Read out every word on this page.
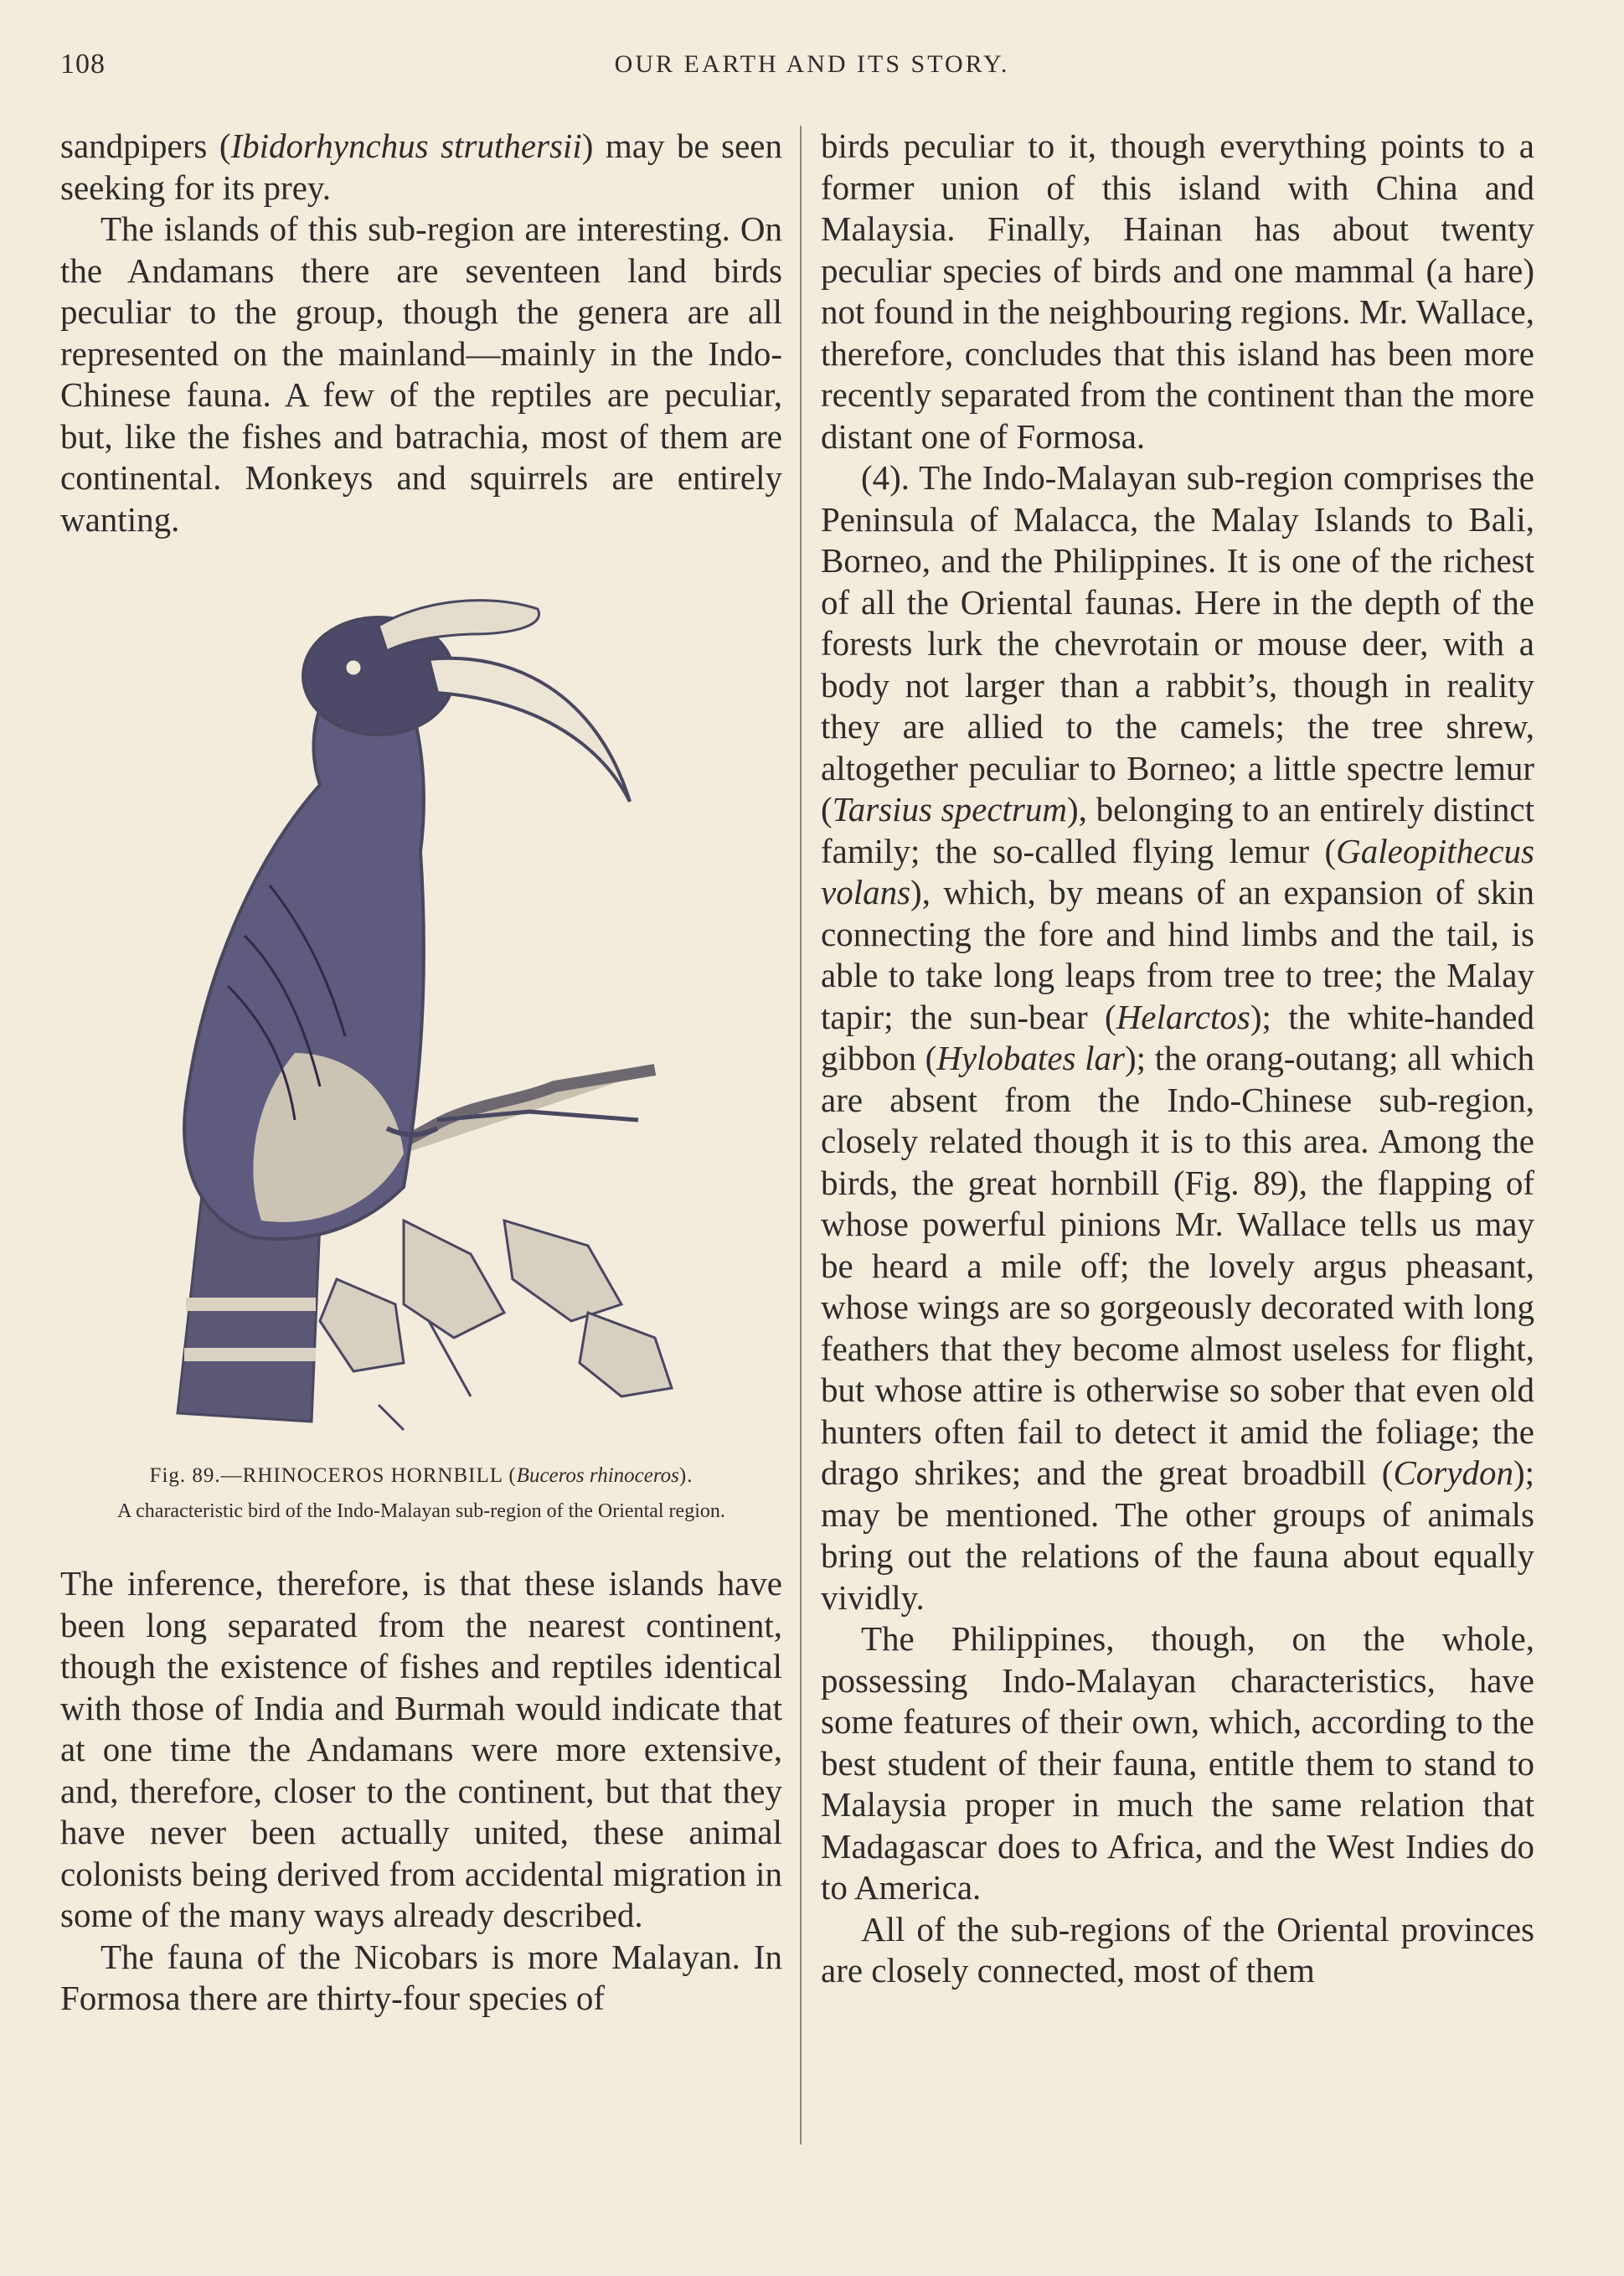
108	OUR EARTH AND ITS STORY.

sandpipers (Ibidorhynchus struthersii) may be seen seeking for its prey.

The islands of this sub-region are interesting. On the Andamans there are seventeen land birds peculiar to the group, though the genera are all represented on the mainland—mainly in the Indo-Chinese fauna. A few of the reptiles are peculiar, but, like the fishes and batrachia, most of them are continental. Monkeys and squirrels are entirely wanting.

Fig. 89.—RHINOCEROS HORNBILL (Buceros rhinoceros).
A characteristic bird of the Indo-Malayan sub-region of the Oriental region.

The inference, therefore, is that these islands have been long separated from the nearest continent, though the existence of fishes and reptiles identical with those of India and Burmah would indicate that at one time the Andamans were more extensive, and, therefore, closer to the continent, but that they have never been actually united, these animal colonists being derived from accidental migration in some of the many ways already described.

The fauna of the Nicobars is more Malayan. In Formosa there are thirty-four species of

birds peculiar to it, though everything points to a former union of this island with China and Malaysia. Finally, Hainan has about twenty peculiar species of birds and one mammal (a hare) not found in the neighbouring regions. Mr. Wallace, therefore, concludes that this island has been more recently separated from the continent than the more distant one of Formosa.

(4). The Indo-Malayan sub-region comprises the Peninsula of Malacca, the Malay Islands to Bali, Borneo, and the Philippines. It is one of the richest of all the Oriental faunas. Here in the depth of the forests lurk the chevrotain or mouse deer, with a body not larger than a rabbit’s, though in reality they are allied to the camels; the tree shrew, altogether peculiar to Borneo; a little spectre lemur (Tarsius spectrum), belonging to an entirely distinct family; the so-called flying lemur (Galeopithecus volans), which, by means of an expansion of skin connecting the fore and hind limbs and the tail, is able to take long leaps from tree to tree; the Malay tapir; the sun-bear (Helarctos); the white-handed gibbon (Hylobates lar); the orang-outang; all which are absent from the Indo-Chinese sub-region, closely related though it is to this area. Among the birds, the great hornbill (Fig. 89), the flapping of whose powerful pinions Mr. Wallace tells us may be heard a mile off; the lovely argus pheasant, whose wings are so gorgeously decorated with long feathers that they become almost useless for flight, but whose attire is otherwise so sober that even old hunters often fail to detect it amid the foliage; the drago shrikes; and the great broadbill (Corydon); may be mentioned. The other groups of animals bring out the relations of the fauna about equally vividly.

The Philippines, though, on the whole, possessing Indo-Malayan characteristics, have some features of their own, which, according to the best student of their fauna, entitle them to stand to Malaysia proper in much the same relation that Madagascar does to Africa, and the West Indies do to America.

All of the sub-regions of the Oriental provinces are closely connected, most of them
